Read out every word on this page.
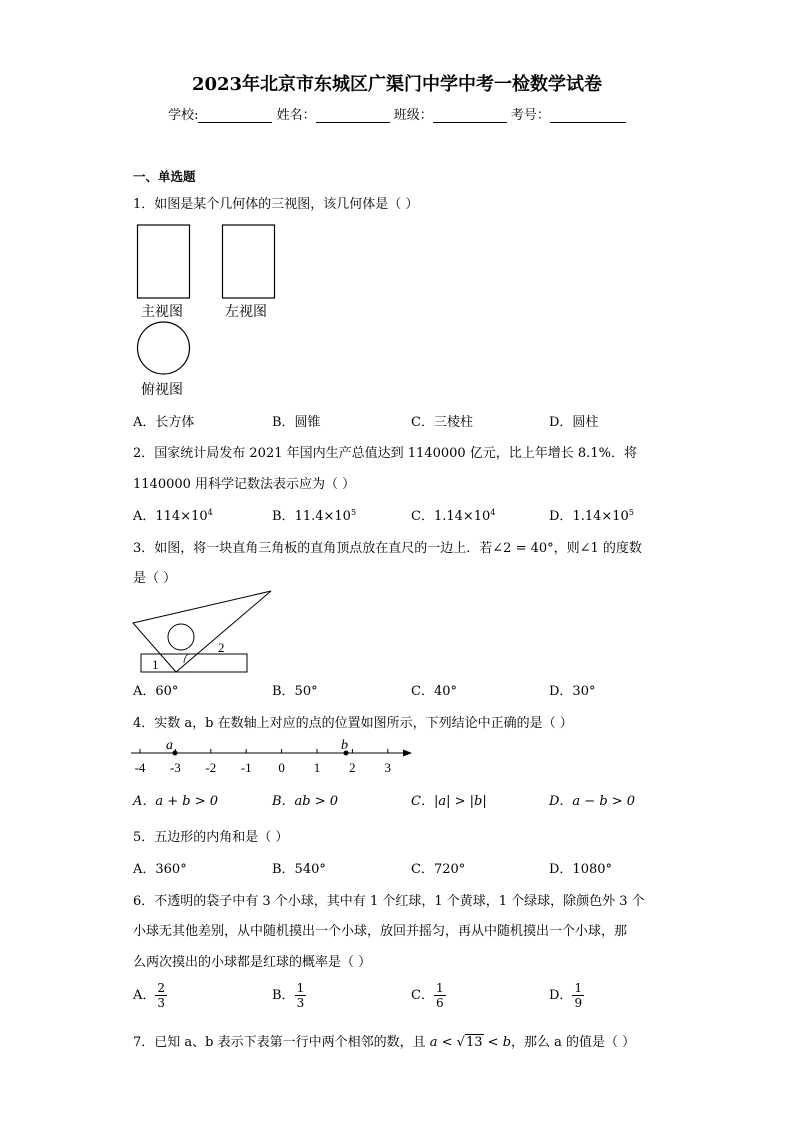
2023年北京市东城区广渠门中学中考一检数学试卷
学校:	姓名：	班级：	考号：
一、单选题
1．如图是某个几何体的三视图，该几何体是（ ）
主视图	左视图
俯视图
A．长方体	B．圆锥	C．三棱柱	D．圆柱
2．国家统计局发布 2021 年国内生产总值达到 1140000 亿元，比上年增长 8.1%．将
1140000 用科学记数法表示应为（ ）
A．$114\times 10^4$	B．$11.4\times 10^5$	C．$1.14\times 10^4$	D．$1.14\times 10^5$
3．如图，将一块直角三角板的直角顶点放在直尺的一边上．若∠2 = 40°，则∠1 的度数
是（ ）
1
2
A．60°	B．50°	C．40°	D．30°
4．实数 a，b 在数轴上对应的点的位置如图所示，下列结论中正确的是（ ）
-4 -3 -2 -1 0 1 2 3
a	b
A．a + b > 0	B．ab > 0	C．|a| > |b|	D．a − b > 0
5．五边形的内角和是（ ）
A．360°	B．540°	C．720°	D．1080°
6．不透明的袋子中有 3 个小球，其中有 1 个红球，1 个黄球，1 个绿球，除颜色外 3 个
小球无其他差别，从中随机摸出一个小球，放回并摇匀，再从中随机摸出一个小球，那
么两次摸出的小球都是红球的概率是（ ）
A． $\frac{2}{3}$	B． $\frac{1}{3}$	C． $\frac{1}{6}$	D． $\frac{1}{9}$
7．已知 a、b 表示下表第一行中两个相邻的数，且 a < √13 < b，那么 a 的值是（ ）
